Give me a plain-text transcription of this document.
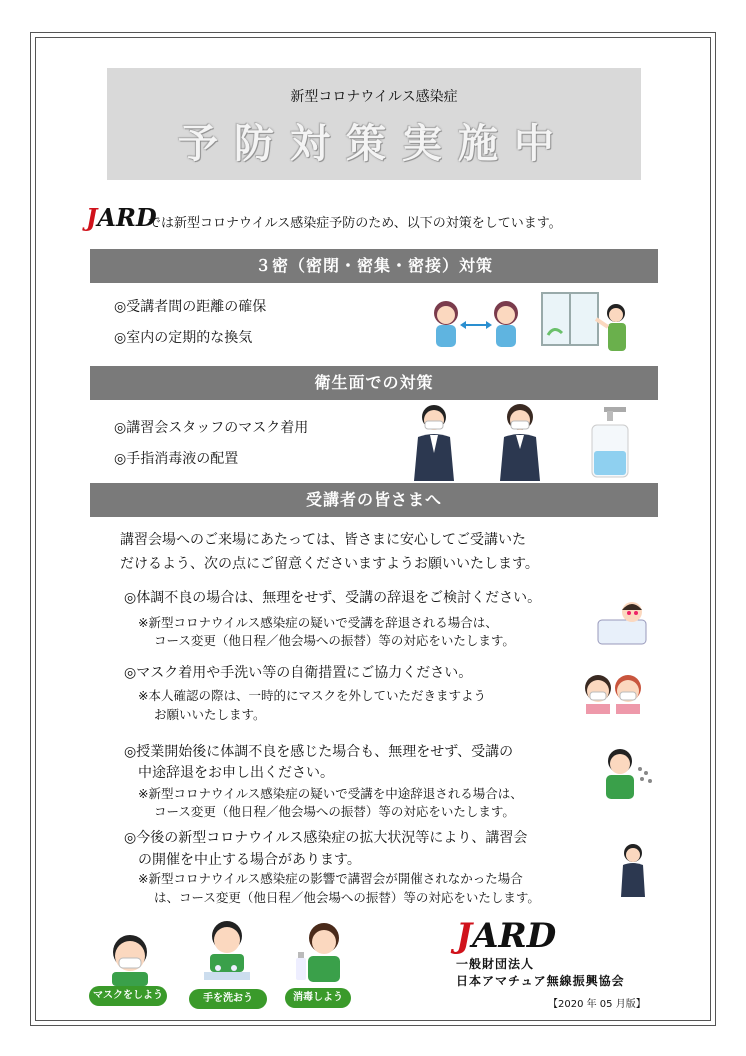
新型コロナウイルス感染症
予防対策実施中
JARD
では新型コロナウイルス感染症予防のため、以下の対策をしています。
３密（密閉・密集・密接）対策
◎受講者間の距離の確保
◎室内の定期的な換気
衛生面での対策
◎講習会スタッフのマスク着用
◎手指消毒液の配置
受講者の皆さまへ
講習会場へのご来場にあたっては、皆さまに安心してご受講いた
だけるよう、次の点にご留意くださいますようお願いいたします。
◎体調不良の場合は、無理をせず、受講の辞退をご検討ください。
※新型コロナウイルス感染症の疑いで受講を辞退される場合は、
コース変更（他日程／他会場への振替）等の対応をいたします。
◎マスク着用や手洗い等の自衛措置にご協力ください。
※本人確認の際は、一時的にマスクを外していただきますよう
お願いいたします。
◎授業開始後に体調不良を感じた場合も、無理をせず、受講の
中途辞退をお申し出ください。
※新型コロナウイルス感染症の疑いで受講を中途辞退される場合は、
コース変更（他日程／他会場への振替）等の対応をいたします。
◎今後の新型コロナウイルス感染症の拡大状況等により、講習会
の開催を中止する場合があります。
※新型コロナウイルス感染症の影響で講習会が開催されなかった場合
は、コース変更（他日程／他会場への振替）等の対応をいたします。
マスクをしよう	手を洗おう	消毒しよう
JARD
一般財団法人
日本アマチュア無線振興協会
【2020 年 05 月版】
